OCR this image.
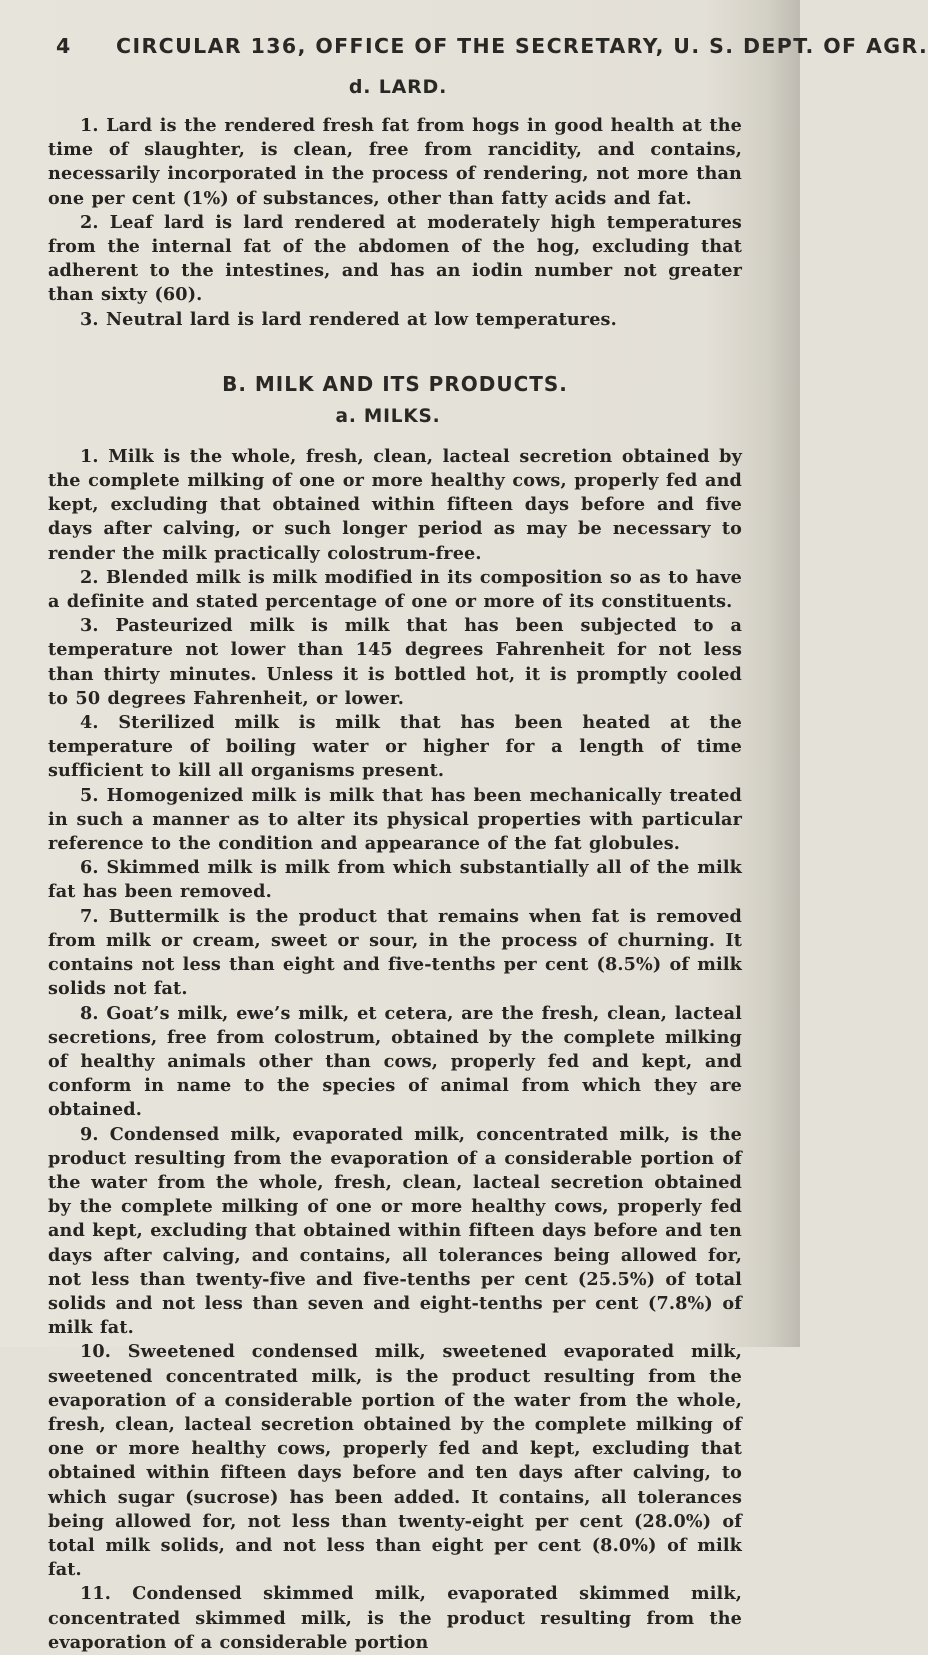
4 CIRCULAR 136, OFFICE OF THE SECRETARY, U. S. DEPT. OF AGR.
d. LARD.

1. Lard is the rendered fresh fat from hogs in good health at the time of slaughter, is clean, free from rancidity, and contains, necessarily incorporated in the process of rendering, not more than one per cent (1%) of substances, other than fatty acids and fat.

2. Leaf lard is lard rendered at moderately high temperatures from the internal fat of the abdomen of the hog, excluding that adherent to the intestines, and has an iodin number not greater than sixty (60).

3. Neutral lard is lard rendered at low temperatures.

B. MILK AND ITS PRODUCTS.
a. MILKS.

1. Milk is the whole, fresh, clean, lacteal secretion obtained by the complete milking of one or more healthy cows, properly fed and kept, excluding that obtained within fifteen days before and five days after calving, or such longer period as may be necessary to render the milk practically colostrum-free.

2. Blended milk is milk modified in its composition so as to have a definite and stated percentage of one or more of its constituents.

3. Pasteurized milk is milk that has been subjected to a temperature not lower than 145 degrees Fahrenheit for not less than thirty minutes. Unless it is bottled hot, it is promptly cooled to 50 degrees Fahrenheit, or lower.

4. Sterilized milk is milk that has been heated at the temperature of boiling water or higher for a length of time sufficient to kill all organisms present.

5. Homogenized milk is milk that has been mechanically treated in such a manner as to alter its physical properties with particular reference to the condition and appearance of the fat globules.

6. Skimmed milk is milk from which substantially all of the milk fat has been removed.

7. Buttermilk is the product that remains when fat is removed from milk or cream, sweet or sour, in the process of churning. It contains not less than eight and five-tenths per cent (8.5%) of milk solids not fat.

8. Goat’s milk, ewe’s milk, et cetera, are the fresh, clean, lacteal secretions, free from colostrum, obtained by the complete milking of healthy animals other than cows, properly fed and kept, and conform in name to the species of animal from which they are obtained.

9. Condensed milk, evaporated milk, concentrated milk, is the product resulting from the evaporation of a considerable portion of the water from the whole, fresh, clean, lacteal secretion obtained by the complete milking of one or more healthy cows, properly fed and kept, excluding that obtained within fifteen days before and ten days after calving, and contains, all tolerances being allowed for, not less than twenty-five and five-tenths per cent (25.5%) of total solids and not less than seven and eight-tenths per cent (7.8%) of milk fat.

10. Sweetened condensed milk, sweetened evaporated milk, sweetened concentrated milk, is the product resulting from the evaporation of a considerable portion of the water from the whole, fresh, clean, lacteal secretion obtained by the complete milking of one or more healthy cows, properly fed and kept, excluding that obtained within fifteen days before and ten days after calving, to which sugar (sucrose) has been added. It contains, all tolerances being allowed for, not less than twenty-eight per cent (28.0%) of total milk solids, and not less than eight per cent (8.0%) of milk fat.

11. Condensed skimmed milk, evaporated skimmed milk, concentrated skimmed milk, is the product resulting from the evaporation of a considerable portion
